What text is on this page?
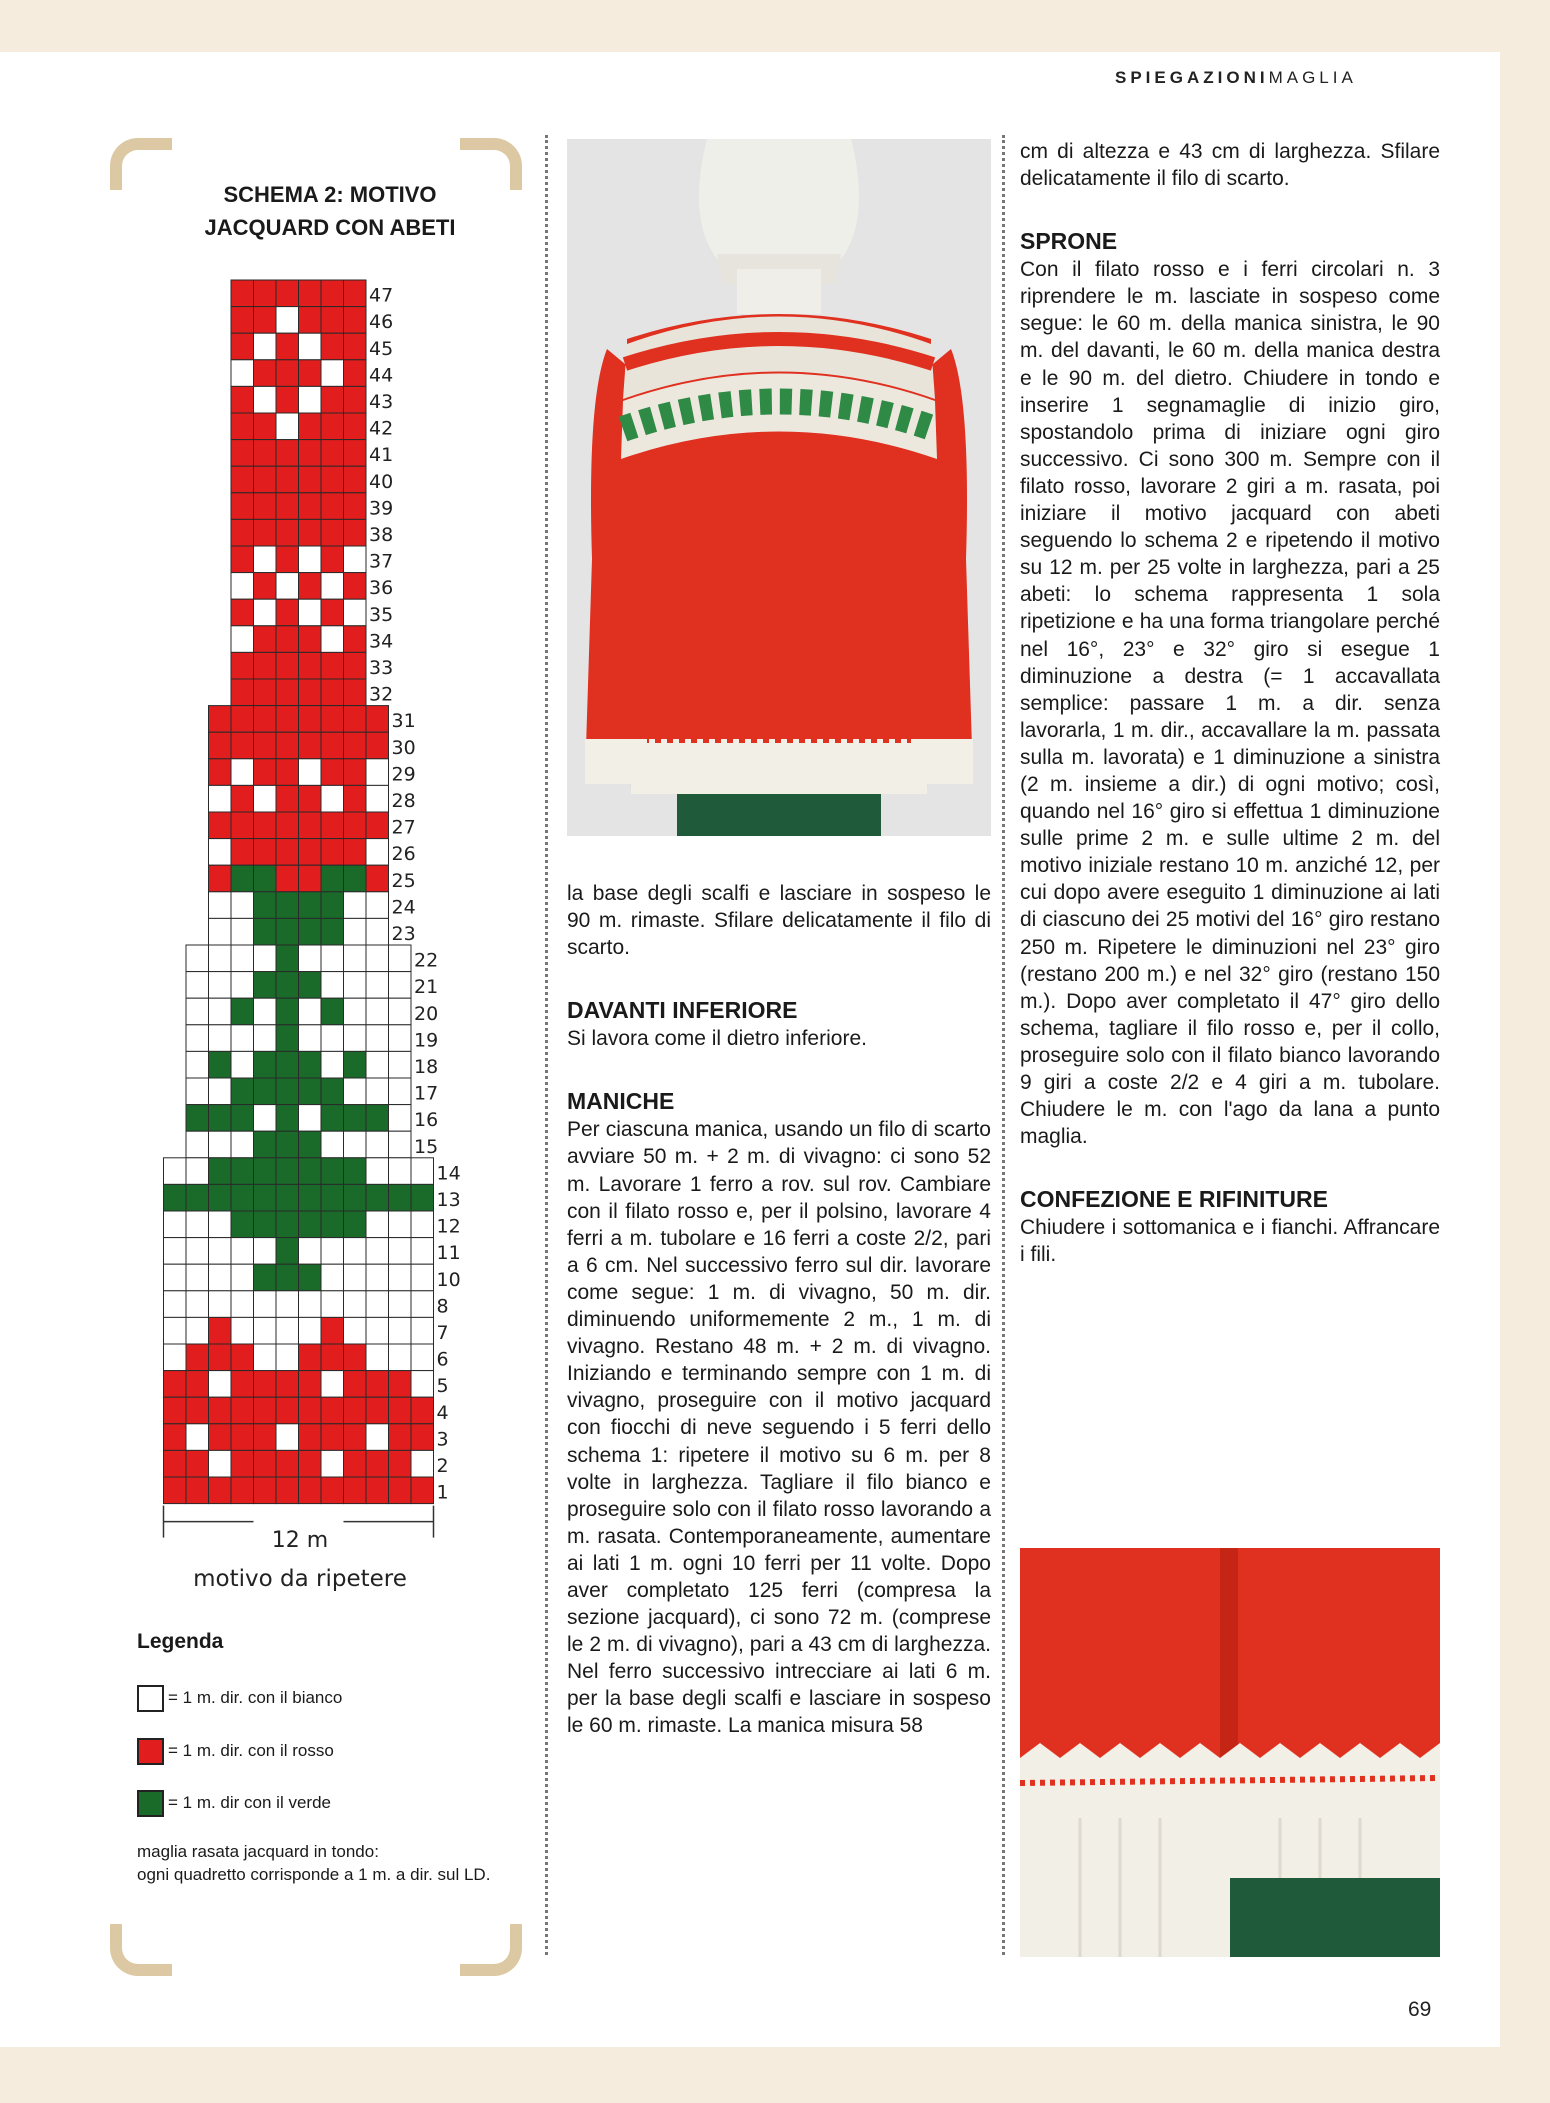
SPIEGAZIONIMAGLIA
SCHEMA 2: MOTIVO
JACQUARD CON ABETI
47
46
45
44
43
42
41
40
39
38
37
36
35
34
33
32
31
30
29
28
27
26
25
24
23
22
21
20
19
18
17
16
15
14
13
12
11
10
8
7
6
5
4
3
2
1
12 m
motivo da ripetere
Legenda
= 1 m. dir. con il bianco
= 1 m. dir. con il rosso
= 1 m. dir con il verde
maglia rasata jacquard in tondo:
ogni quadretto corrisponde a 1 m. a dir. sul LD.

la base degli scalfi e lasciare in sospeso le 90 m. rimaste. Sfilare delicatamente il filo di scarto.

DAVANTI INFERIORE

Si lavora come il dietro inferiore.

MANICHE

Per ciascuna manica, usando un filo di scarto avviare 50 m. + 2 m. di vivagno: ci sono 52 m. Lavorare 1 ferro a rov. sul rov. Cambiare con il filato rosso e, per il polsino, lavorare 4 ferri a m. tubolare e 16 ferri a coste 2/2, pari a 6 cm. Nel successivo ferro sul dir. lavorare come segue: 1 m. di vivagno, 50 m. dir. diminuendo uniformemente 2 m., 1 m. di vivagno. Restano 48 m. + 2 m. di vivagno. Iniziando e terminando sempre con 1 m. di vivagno, proseguire con il motivo jacquard con fiocchi di neve seguendo i 5 ferri dello schema 1: ripetere il motivo su 6 m. per 8 volte in larghezza. Tagliare il filo bianco e proseguire solo con il filato rosso lavorando a m. rasata. Contemporaneamente, aumentare ai lati 1 m. ogni 10 ferri per 11 volte. Dopo aver completato 125 ferri (compresa la sezione jacquard), ci sono 72 m. (comprese le 2 m. di vivagno), pari a 43 cm di larghezza. Nel ferro successivo intrecciare ai lati 6 m. per la base degli scalfi e lasciare in sospeso le 60 m. rimaste. La manica misura 58

cm di altezza e 43 cm di larghezza. Sfilare delicatamente il filo di scarto.

SPRONE

Con il filato rosso e i ferri circolari n. 3 riprendere le m. lasciate in sospeso come segue: le 60 m. della manica sinistra, le 90 m. del davanti, le 60 m. della manica destra e le 90 m. del dietro. Chiudere in tondo e inserire 1 segnamaglie di inizio giro, spostandolo prima di iniziare ogni giro successivo. Ci sono 300 m. Sempre con il filato rosso, lavorare 2 giri a m. rasata, poi iniziare il motivo jacquard con abeti seguendo lo schema 2 e ripetendo il motivo su 12 m. per 25 volte in larghezza, pari a 25 abeti: lo schema rappresenta 1 sola ripetizione e ha una forma triangolare perché nel 16°, 23° e 32° giro si esegue 1 diminuzione a destra (= 1 accavallata semplice: passare 1 m. a dir. senza lavorarla, 1 m. dir., accavallare la m. passata sulla m. lavorata) e 1 diminuzione a sinistra (2 m. insieme a dir.) di ogni motivo; così, quando nel 16° giro si effettua 1 diminuzione sulle prime 2 m. e sulle ultime 2 m. del motivo iniziale restano 10 m. anziché 12, per cui dopo avere eseguito 1 diminuzione ai lati di ciascuno dei 25 motivi del 16° giro restano 250 m. Ripetere le diminuzioni nel 23° giro (restano 200 m.) e nel 32° giro (restano 150 m.). Dopo aver completato il 47° giro dello schema, tagliare il filo rosso e, per il collo, proseguire solo con il filato bianco lavorando 9 giri a coste 2/2 e 4 giri a m. tubolare. Chiudere le m. con l'ago da lana a punto maglia.

CONFEZIONE E RIFINITURE

Chiudere i sottomanica e i fianchi. Affrancare i fili.

69
